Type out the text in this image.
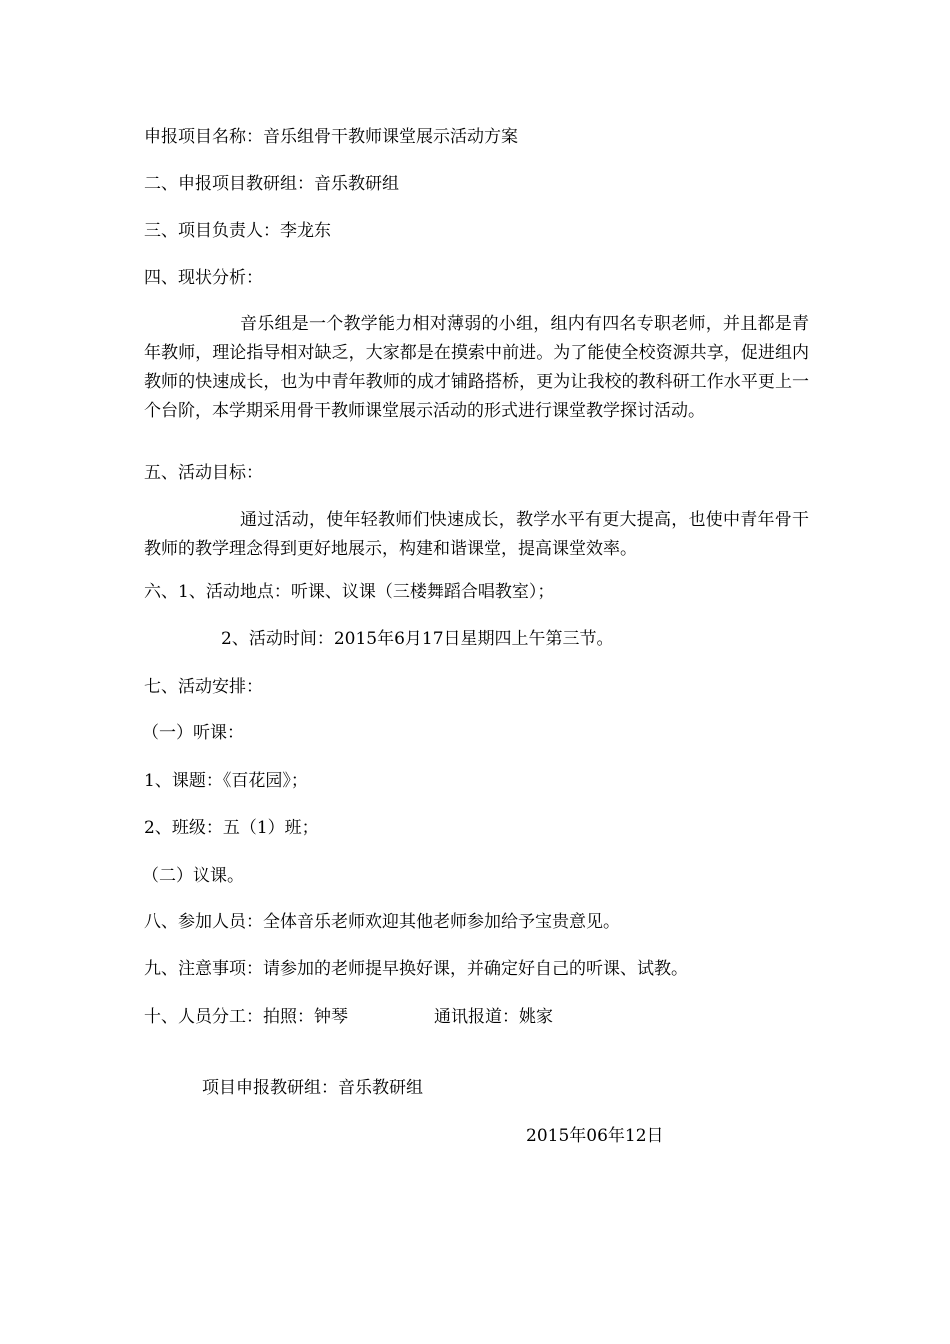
申报项目名称：音乐组骨干教师课堂展示活动方案
二、申报项目教研组：音乐教研组
三、项目负责人：李龙东
四、现状分析：
音乐组是一个教学能力相对薄弱的小组，组内有四名专职老师，并且都是青年教师，理论指导相对缺乏，大家都是在摸索中前进。为了能使全校资源共享，促进组内教师的快速成长，也为中青年教师的成才铺路搭桥，更为让我校的教科研工作水平更上一个台阶，本学期采用骨干教师课堂展示活动的形式进行课堂教学探讨活动。
五、活动目标：
通过活动，使年轻教师们快速成长，教学水平有更大提高，也使中青年骨干教师的教学理念得到更好地展示，构建和谐课堂，提高课堂效率。
六、1、活动地点：听课、议课（三楼舞蹈合唱教室）；
2、活动时间：2015年6月17日星期四上午第三节。
七、活动安排：
（一）听课：
1、课题：《百花园》；
2、班级：五（1）班；
（二）议课。
八、参加人员：全体音乐老师欢迎其他老师参加给予宝贵意见。
九、注意事项：请参加的老师提早换好课，并确定好自己的听课、试教。
十、人员分工：拍照：钟琴	通讯报道：姚家
项目申报教研组：音乐教研组
2015年06年12日
